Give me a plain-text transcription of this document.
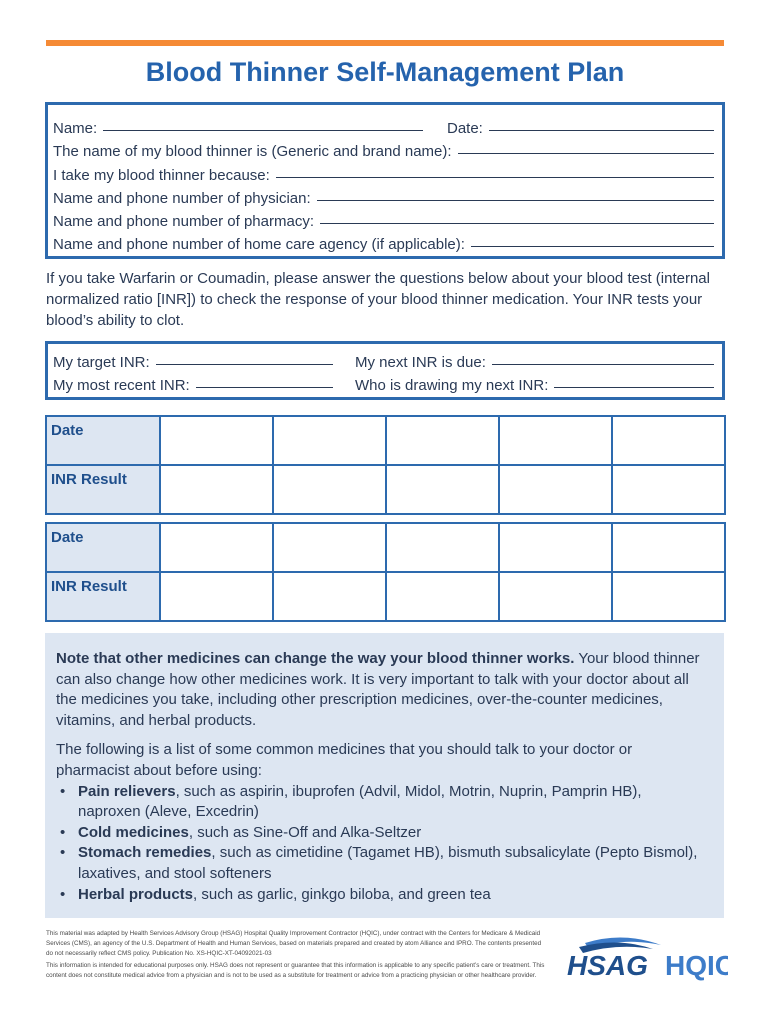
Blood Thinner Self-Management Plan
Name:	Date:
The name of my blood thinner is (Generic and brand name):
I take my blood thinner because:
Name and phone number of physician:
Name and phone number of pharmacy:
Name and phone number of home care agency (if applicable):

If you take Warfarin or Coumadin, please answer the questions below about your blood test (internal normalized ratio [INR]) to check the response of your blood thinner medication. Your INR tests your blood’s ability to clot.

My target INR:
My most recent INR:
My next INR is due:
Who is drawing my next INR:
Date					
INR Result					
Date					
INR Result					

Note that other medicines can change the way your blood thinner works. Your blood thinner can also change how other medicines work. It is very important to talk with your doctor about all the medicines you take, including other prescription medicines, over-the-counter medicines, vitamins, and herbal products.

The following is a list of some common medicines that you should talk to your doctor or pharmacist about before using:

• Pain relievers, such as aspirin, ibuprofen (Advil, Midol, Motrin, Nuprin, Pamprin HB), naproxen (Aleve, Excedrin)
• Cold medicines, such as Sine-Off and Alka-Seltzer
• Stomach remedies, such as cimetidine (Tagamet HB), bismuth subsalicylate (Pepto Bismol), laxatives, and stool softeners
• Herbal products, such as garlic, ginkgo biloba, and green tea
This material was adapted by Health Services Advisory Group (HSAG) Hospital Quality Improvement Contractor (HQIC), under contract with the Centers for Medicare & Medicaid Services (CMS), an agency of the U.S. Department of Health and Human Services, based on materials prepared and created by atom Alliance and IPRO. The contents presented do not necessarily reflect CMS policy. Publication No. XS-HQIC-XT-04092021-03
This information is intended for educational purposes only. HSAG does not represent or guarantee that this information is applicable to any specific patient’s care or treatment. This content does not constitute medical advice from a physician and is not to be used as a substitute for treatment or advice from a practicing physician or other healthcare provider.	HSAG HQIC
